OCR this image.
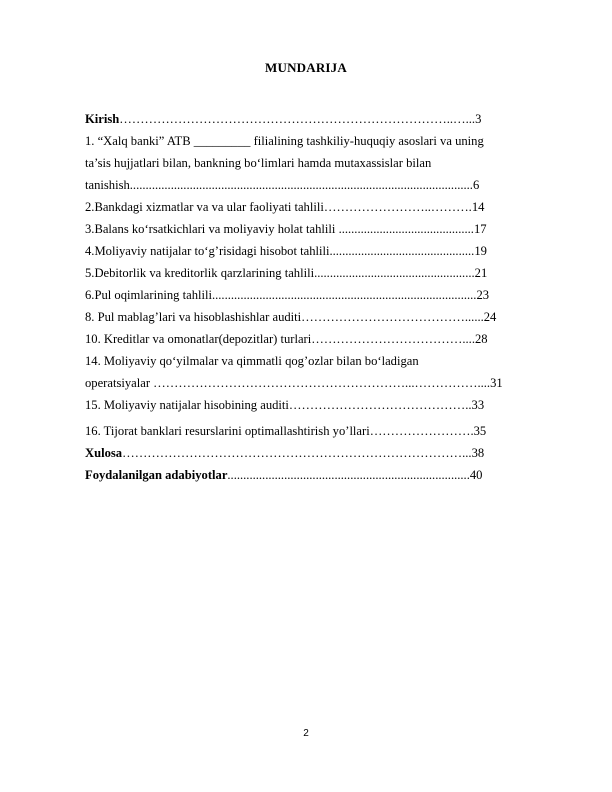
MUNDARIJA
Kirish……………………………………………………………………..…...3
1. “Xalq banki” ATB _________ filialining tashkiliy-huquqiy asoslari va uning
ta’sis hujjatlari bilan, bankning bo‘limlari hamda mutaxassislar bilan
tanishish.............................................................................................................6
2.Bankdagi xizmatlar va va ular faoliyati tahlili……………………..……….14
3.Balans ko‘rsatkichlari va moliyaviy holat tahlili ...........................................17
4.Moliyaviy natijalar to‘g’risidagi hisobot tahlili..............................................19
5.Debitorlik va kreditorlik qarzlarining tahlili...................................................21
6.Pul oqimlarining tahlili....................................................................................23
8. Pul mablag’lari va hisoblashishlar auditi…………………………………......24
10. Kreditlar va omonatlar(depozitlar) turlari………………………………....28
14. Moliyaviy qo‘yilmalar va qimmatli qog’ozlar bilan bo‘ladigan
operatsiyalar ……………………………………………………...……………....31
15. Moliyaviy natijalar hisobining auditi……………………………………..33
16. Tijorat banklari resurslarini optimallashtirish yo’llari…………………….35
Xulosa………………………………………………………………………...38
Foydalanilgan adabiyotlar.............................................................................40
2
